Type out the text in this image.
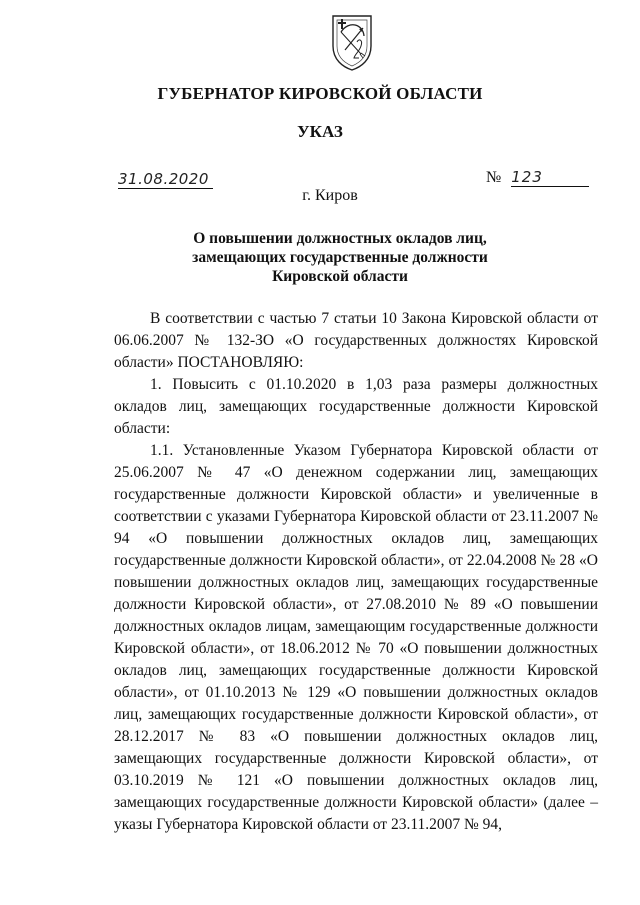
ГУБЕРНАТОР КИРОВСКОЙ ОБЛАСТИ
УКАЗ
31.08.2020	№ 123
г. Киров
О повышении должностных окладов лиц,
замещающих государственные должности
Кировской области

В соответствии с частью 7 статьи 10 Закона Кировской области от 06.06.2007 № 132-ЗО «О государственных должностях Кировской области» ПОСТАНОВЛЯЮ:

1. Повысить с 01.10.2020 в 1,03 раза размеры должностных окладов лиц, замещающих государственные должности Кировской области:

1.1. Установленные Указом Губернатора Кировской области от 25.06.2007 № 47 «О денежном содержании лиц, замещающих государственные должности Кировской области» и увеличенные в соответствии с указами Губернатора Кировской области от 23.11.2007 № 94 «О повышении должностных окладов лиц, замещающих государственные должности Кировской области», от 22.04.2008 № 28 «О повышении должностных окладов лиц, замещающих государственные должности Кировской области», от 27.08.2010 № 89 «О повышении должностных окладов лицам, замещающим государственные должности Кировской области», от 18.06.2012 № 70 «О повышении должностных окладов лиц, замещающих государственные должности Кировской области», от 01.10.2013 № 129 «О повышении должностных окладов лиц, замещающих государственные должности Кировской области», от 28.12.2017 № 83 «О повышении должностных окладов лиц, замещающих государственные должности Кировской области», от 03.10.2019 № 121 «О повышении должностных окладов лиц, замещающих государственные должности Кировской области» (далее – указы Губернатора Кировской области от 23.11.2007 № 94,
